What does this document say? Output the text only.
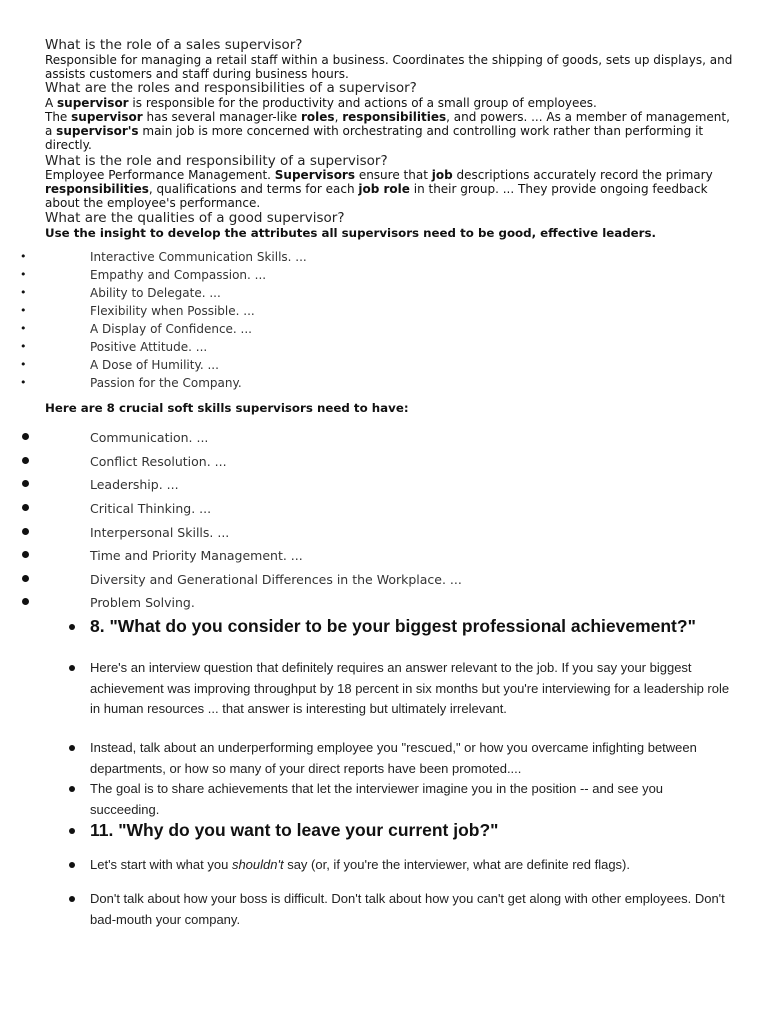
What is the role of a sales supervisor?
Responsible for managing a retail staff within a business. Coordinates the shipping of goods, sets up displays, and assists customers and staff during business hours.
What are the roles and responsibilities of a supervisor?
A supervisor is responsible for the productivity and actions of a small group of employees.
The supervisor has several manager-like roles, responsibilities, and powers. ... As a member of management, a supervisor's main job is more concerned with orchestrating and controlling work rather than performing it directly.
What is the role and responsibility of a supervisor?
Employee Performance Management. Supervisors ensure that job descriptions accurately record the primary responsibilities, qualifications and terms for each job role in their group. ... They provide ongoing feedback about the employee's performance.
What are the qualities of a good supervisor?
Use the insight to develop the attributes all supervisors need to be good, effective leaders.
•	Interactive Communication Skills. ...
•	Empathy and Compassion. ...
•	Ability to Delegate. ...
•	Flexibility when Possible. ...
•	A Display of Confidence. ...
•	Positive Attitude. ...
•	A Dose of Humility. ...
•	Passion for the Company.
Here are 8 crucial soft skills supervisors need to have:
Communication. ...
Conflict Resolution. ...
Leadership. ...
Critical Thinking. ...
Interpersonal Skills. ...
Time and Priority Management. ...
Diversity and Generational Differences in the Workplace. ...
Problem Solving.
8. "What do you consider to be your biggest professional achievement?"
Here's an interview question that definitely requires an answer relevant to the job. If you say your biggest achievement was improving throughput by 18 percent in six months but you're interviewing for a leadership role in human resources ... that answer is interesting but ultimately irrelevant.
Instead, talk about an underperforming employee you "rescued," or how you overcame infighting between departments, or how so many of your direct reports have been promoted....
The goal is to share achievements that let the interviewer imagine you in the position -- and see you succeeding.
11. "Why do you want to leave your current job?"
Let's start with what you shouldn't say (or, if you're the interviewer, what are definite red flags).
Don't talk about how your boss is difficult. Don't talk about how you can't get along with other employees. Don't bad-mouth your company.
